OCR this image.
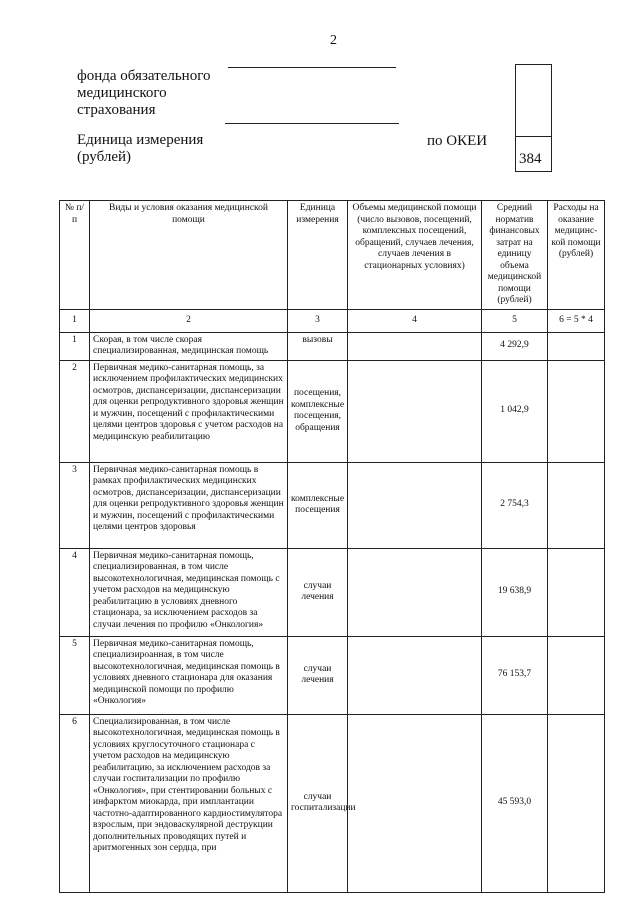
2
фонда обязательного
медицинского
страхования
Единица измерения
(рублей)
по ОКЕИ
384
№ п/п	Виды и условия оказания медицинской помощи	Единица измерения	Объемы медицинской помощи (число вызовов, посещений, комплексных посещений, обращений, случаев лечения, случаев лечения в стационарных условиях)	Средний норматив финансовых затрат на единицу объема медицинской помощи (рублей)	Расходы на оказание медицинс-кой помощи (рублей)
1	2	3	4	5	6 = 5 * 4
1	Скорая, в том числе скорая специализированная, медицинская помощь	вызовы		4 292,9	
2	Первичная медико-санитарная помощь, за исключением профилактических медицинских осмотров, диспансеризации, диспансеризации для оценки репродуктивного здоровья женщин и мужчин, посещений с профилактическими целями центров здоровья с учетом расходов на медицинскую реабилитацию	посещения, комплексные посещения, обращения		1 042,9	
3	Первичная медико-санитарная помощь в рамках профилактических медицинских осмотров, диспансеризации, диспансеризации для оценки репродуктивного здоровья женщин и мужчин, посещений с профилактическими целями центров здоровья	комплексные посещения		2 754,3	
4	Первичная медико-санитарная помощь, специализированная, в том числе высокотехнологичная, медицинская помощь с учетом расходов на медицинскую реабилитацию в условиях дневного стационара, за исключением расходов за случаи лечения по профилю «Онкология»	случаи лечения		19 638,9	
5	Первичная медико-санитарная помощь, специализироанная, в том числе высокотехнологичная, медицинская помощь в условиях дневного стационара для оказания медицинской помощи по профилю «Онкология»	случаи лечения		76 153,7	
6	Специализированная, в том числе высокотехнологичная, медицинская помощь в условиях круглосуточного стационара с учетом расходов на медицинскую реабилитацию, за исключением расходов за случаи госпитализации по профилю «Онкология», при стентировании больных с инфарктом миокарда, при имплантации частотно-адаптированного кардиостимулятора взрослым, при эндоваскулярной деструкции дополнительных проводящих путей и аритмогенных зон сердца, при	случаи госпитализации		45 593,0	
